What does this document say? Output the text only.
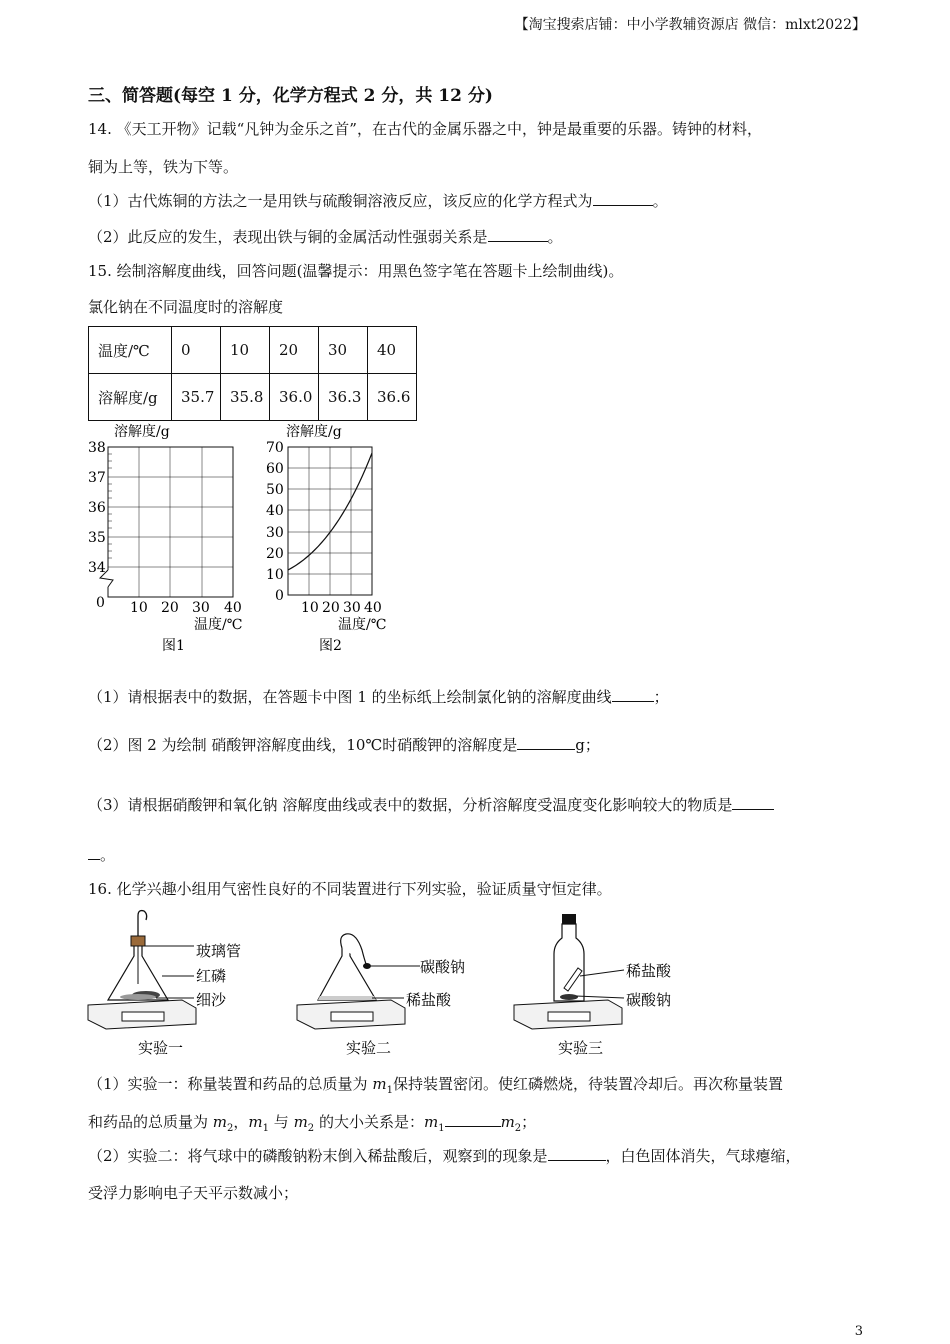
【淘宝搜索店铺：中小学教辅资源店 微信：mlxt2022】
三、简答题(每空 1 分，化学方程式 2 分，共 12 分)
14. 《天工开物》记载“凡钟为金乐之首”，在古代的金属乐器之中，钟是最重要的乐器。铸钟的材料，
铜为上等，铁为下等。
（1）古代炼铜的方法之一是用铁与硫酸铜溶液反应，该反应的化学方程式为	。
（2）此反应的发生，表现出铁与铜的金属活动性强弱关系是	。
15. 绘制溶解度曲线，回答问题(温馨提示：用黑色签字笔在答题卡上绘制曲线)。
氯化钠在不同温度时的溶解度
温度/℃	0	10	20	30	40
溶解度/g	35.7	35.8	36.0	36.3	36.6
溶解度/g
38
37
36
35
34
0 10 20 30 40
温度/℃
图1
溶解度/g
70
60
50
40
30
20
10
0
10 20 30 40
温度/℃
图2
（1）请根据表中的数据，在答题卡中图 1 的坐标纸上绘制氯化钠的溶解度曲线	；
（2）图 2 为绘制 硝酸钾溶解度曲线，10℃时硝酸钾的溶解度是	g；
（3）请根据硝酸钾和氧化钠 溶解度曲线或表中的数据，分析溶解度受温度变化影响较大的物质是
。
16. 化学兴趣小组用气密性良好的不同装置进行下列实验，验证质量守恒定律。
玻璃管
红磷
细沙
实验一
碳酸钠
稀盐酸
实验二
稀盐酸
碳酸钠
实验三
（1）实验一：称量装置和药品的总质量为 $m_1$保持装置密闭。使红磷燃烧，待装置冷却后。再次称量装置
和药品的总质量为 $m_2$，$m_1$ 与 $m_2$ 的大小关系是：$m_1$	$m_2$；
（2）实验二：将气球中的磷酸钠粉末倒入稀盐酸后，观察到的现象是	，白色固体消失，气球瘪缩，
受浮力影响电子天平示数减小；
3
